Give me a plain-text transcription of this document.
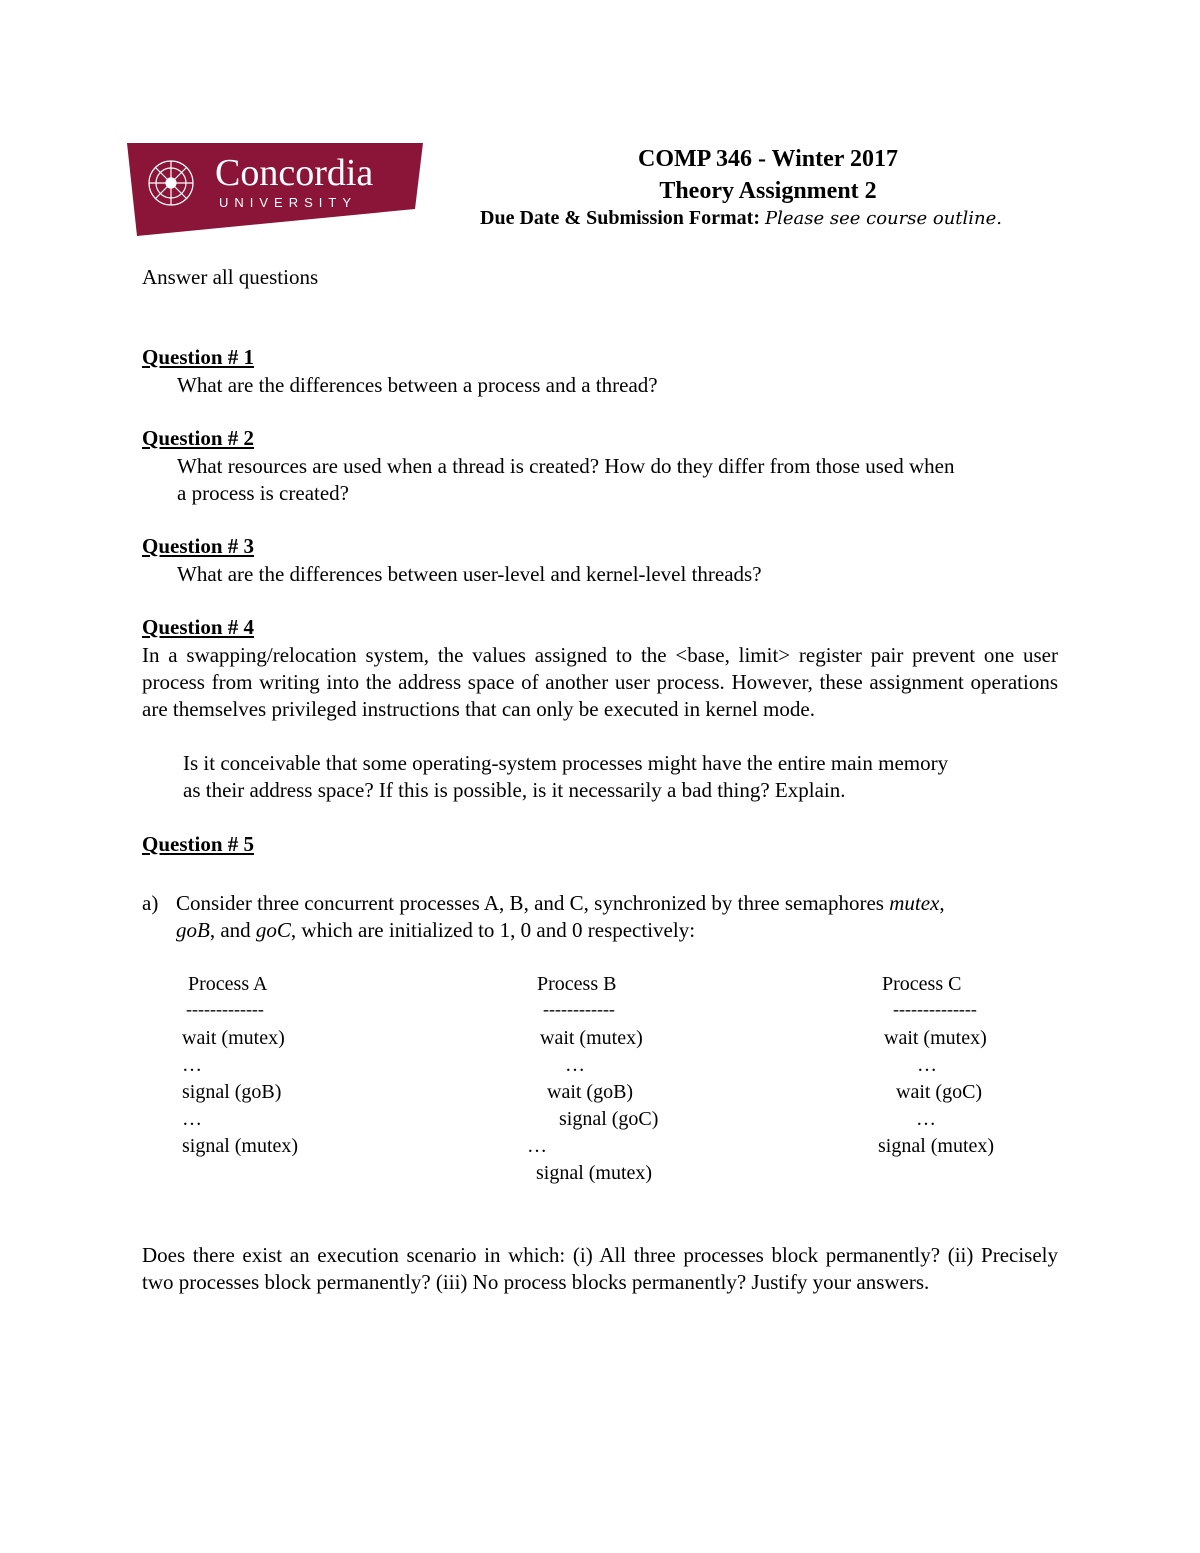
Concordia
UNIVERSITY
COMP 346 - Winter 2017
Theory Assignment 2
Due Date & Submission Format: Please see course outline.
Answer all questions
Question # 1
What are the differences between a process and a thread?
Question # 2
What resources are used when a thread is created? How do they differ from those used when
a process is created?
Question # 3
What are the differences between user-level and kernel-level threads?
Question # 4
In a swapping/relocation system, the values assigned to the <base, limit> register pair prevent one user process from writing into the address space of another user process. However, these assignment operations are themselves privileged instructions that can only be executed in kernel mode.
Is it conceivable that some operating-system processes might have the entire main memory
as their address space? If this is possible, is it necessarily a bad thing? Explain.
Question # 5
a) Consider three concurrent processes A, B, and C, synchronized by three semaphores mutex,
goB, and goC, which are initialized to 1, 0 and 0 respectively:
Process A
-------------
wait (mutex)
…
signal (goB)
…
signal (mutex)
Process B
------------
wait (mutex)
…
wait (goB)
signal (goC)
…
signal (mutex)
Process C
--------------
wait (mutex)
…
wait (goC)
…
signal (mutex)
Does there exist an execution scenario in which: (i) All three processes block permanently? (ii) Precisely two processes block permanently? (iii) No process blocks permanently? Justify your answers.
